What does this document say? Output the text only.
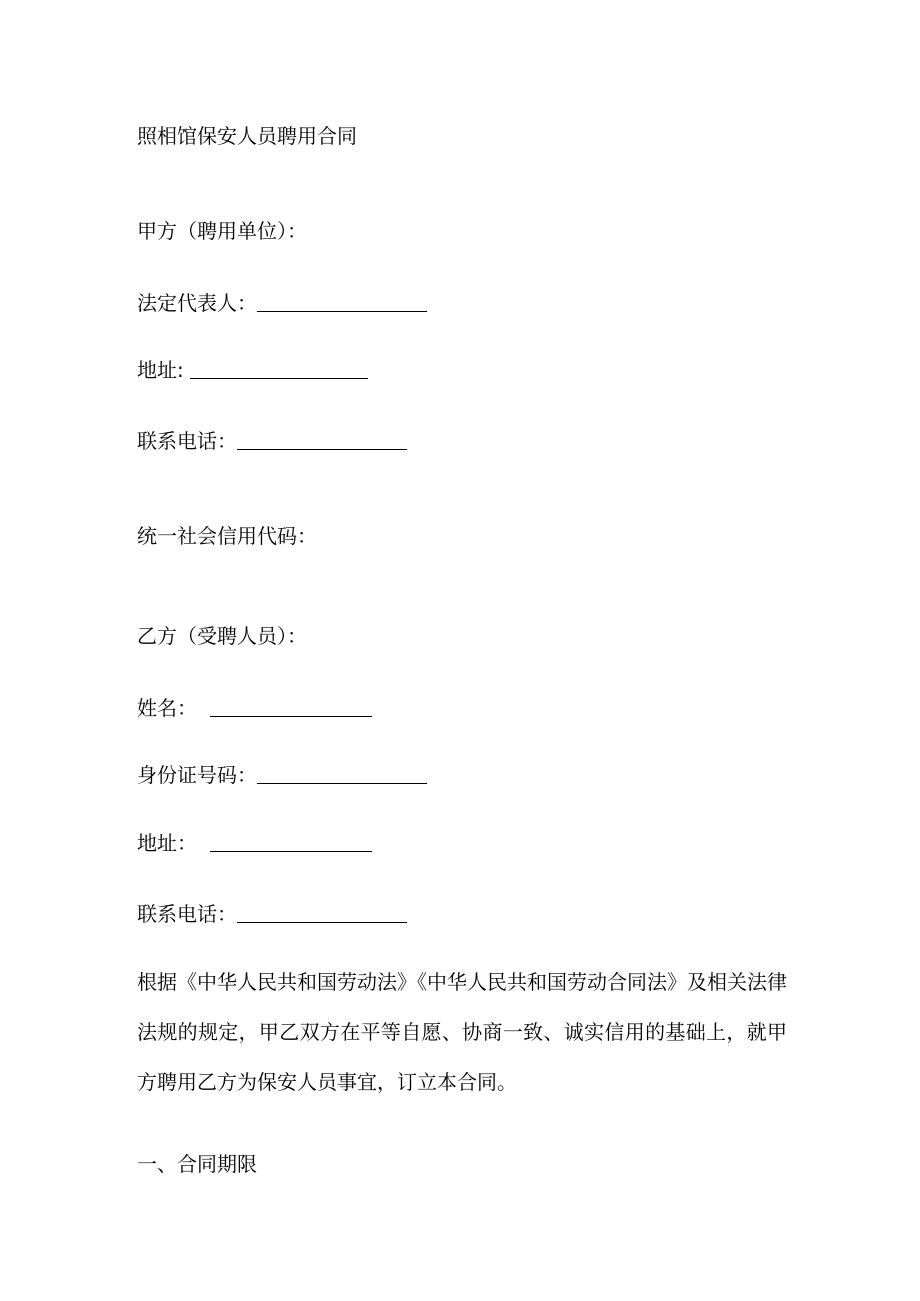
照相馆保安人员聘用合同
甲方（聘用单位）：
法定代表人：
地址:
联系电话：
统一社会信用代码：
乙方（受聘人员）：
姓名：
身份证号码：
地址：
联系电话：
根据《中华人民共和国劳动法》《中华人民共和国劳动合同法》及相关法律法规的规定，甲乙双方在平等自愿、协商一致、诚实信用的基础上，就甲方聘用乙方为保安人员事宜，订立本合同。
一、合同期限
